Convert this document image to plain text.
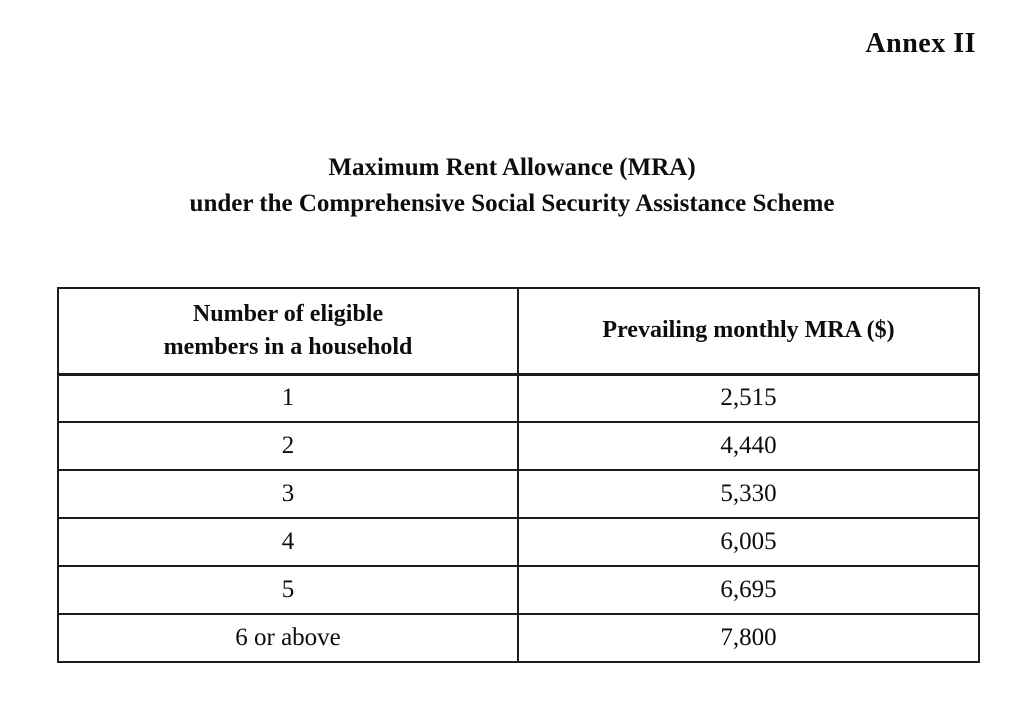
Annex II
Maximum Rent Allowance (MRA)
under the Comprehensive Social Security Assistance Scheme
Number of eligible
members in a household	Prevailing monthly MRA ($)
1	2,515
2	4,440
3	5,330
4	6,005
5	6,695
6 or above	7,800
